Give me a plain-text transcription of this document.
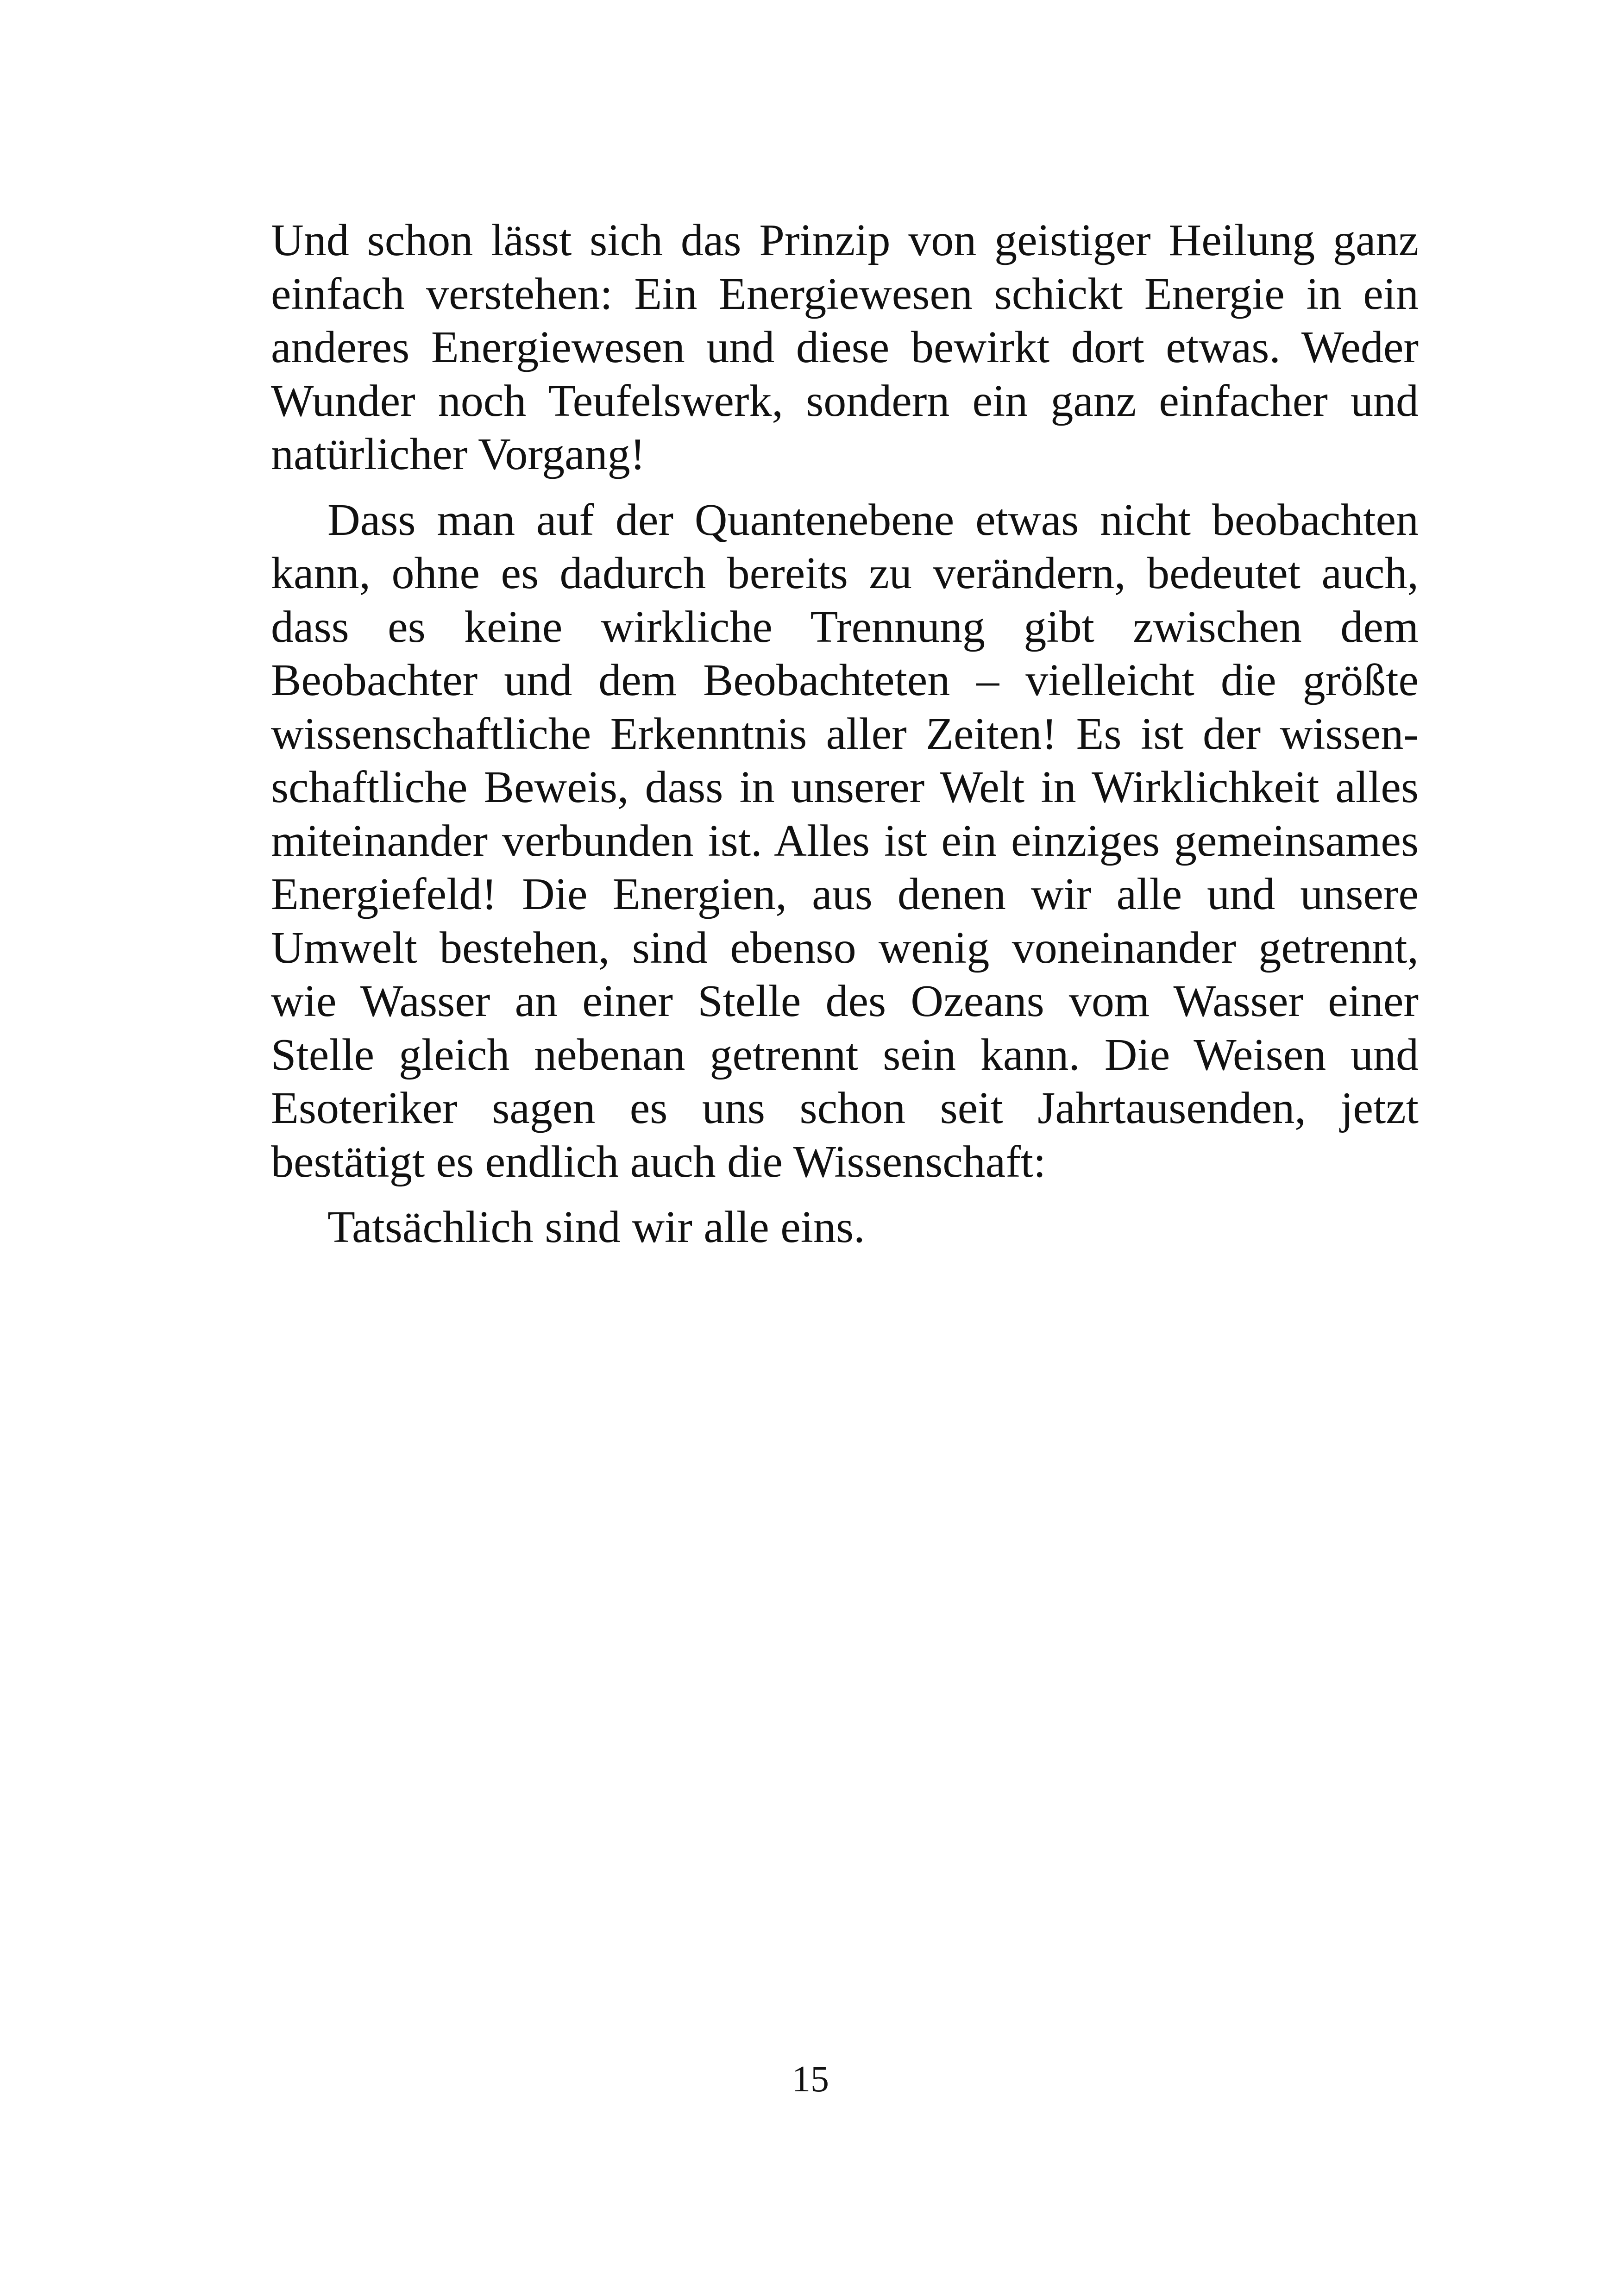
Und schon lässt sich das Prinzip von geistiger Heilung ganz
einfach verstehen: Ein Energiewesen schickt Energie in ein
anderes Energiewesen und diese bewirkt dort etwas. Weder
Wunder noch Teufelswerk, sondern ein ganz einfacher und
natürlicher Vorgang!
Dass man auf der Quantenebene etwas nicht beobachten
kann, ohne es dadurch bereits zu verändern, bedeutet auch,
dass es keine wirkliche Trennung gibt zwischen dem
Beobachter und dem Beobachteten – vielleicht die größte
wissenschaftliche Erkenntnis aller Zeiten! Es ist der wissen-
schaftliche Beweis, dass in unserer Welt in Wirklichkeit alles
miteinander verbunden ist. Alles ist ein einziges gemeinsames
Energiefeld! Die Energien, aus denen wir alle und unsere
Umwelt bestehen, sind ebenso wenig voneinander getrennt,
wie Wasser an einer Stelle des Ozeans vom Wasser einer
Stelle gleich nebenan getrennt sein kann. Die Weisen und
Esoteriker sagen es uns schon seit Jahrtausenden, jetzt
bestätigt es endlich auch die Wissenschaft:
Tatsächlich sind wir alle eins.
15
